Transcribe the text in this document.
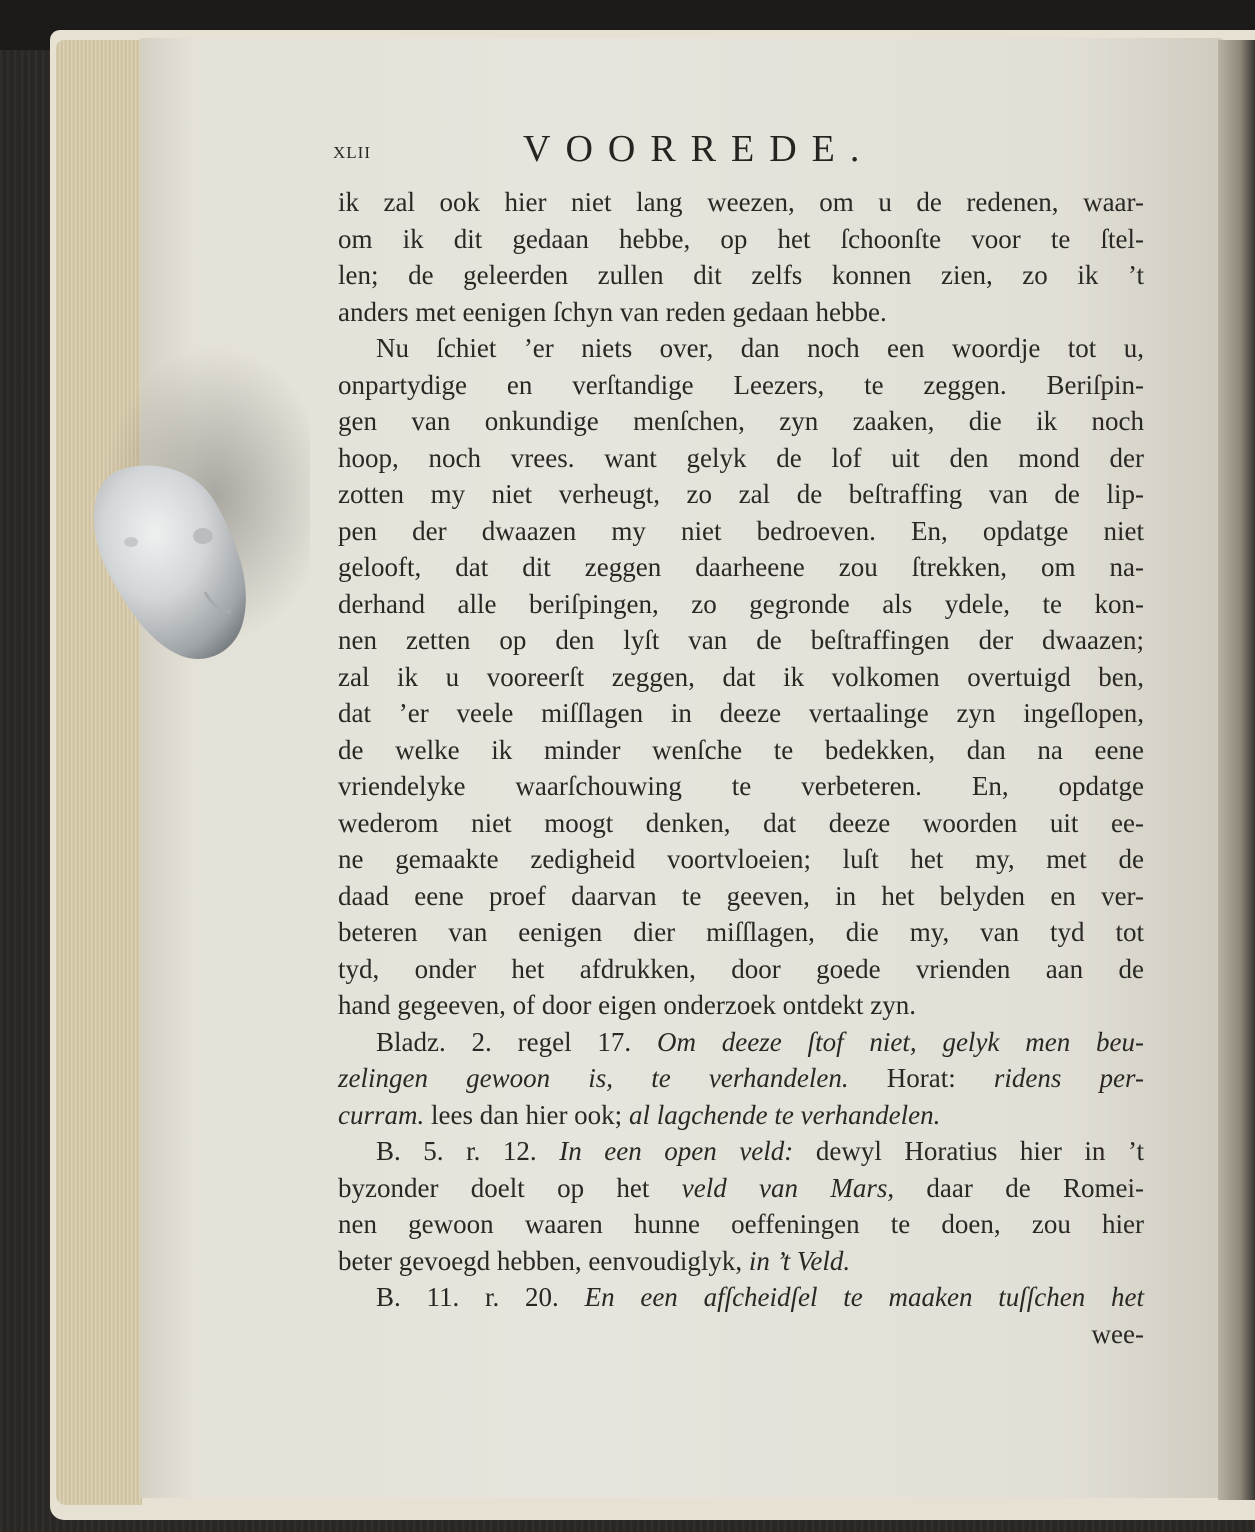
XLII	VOORREDE.
ik zal ook hier niet lang weezen, om u de redenen, waar-
om ik dit gedaan hebbe, op het ſchoonſte voor te ſtel-
len; de geleerden zullen dit zelfs konnen zien, zo ik ’t
anders met eenigen ſchyn van reden gedaan hebbe.
Nu ſchiet ’er niets over, dan noch een woordje tot u,
onpartydige en verſtandige Leezers, te zeggen. Beriſpin-
gen van onkundige menſchen, zyn zaaken, die ik noch
hoop, noch vrees. want gelyk de lof uit den mond der
zotten my niet verheugt, zo zal de beſtraffing van de lip-
pen der dwaazen my niet bedroeven. En, opdatge niet
gelooft, dat dit zeggen daarheene zou ſtrekken, om na-
derhand alle beriſpingen, zo gegronde als ydele, te kon-
nen zetten op den lyſt van de beſtraffingen der dwaazen;
zal ik u vooreerſt zeggen, dat ik volkomen overtuigd ben,
dat ’er veele miſſlagen in deeze vertaalinge zyn ingeſlopen,
de welke ik minder wenſche te bedekken, dan na eene
vriendelyke waarſchouwing te verbeteren. En, opdatge
wederom niet moogt denken, dat deeze woorden uit ee-
ne gemaakte zedigheid voortvloeien; luſt het my, met de
daad eene proef daarvan te geeven, in het belyden en ver-
beteren van eenigen dier miſſlagen, die my, van tyd tot
tyd, onder het afdrukken, door goede vrienden aan de
hand gegeeven, of door eigen onderzoek ontdekt zyn.
Bladz. 2. regel 17. Om deeze ſtof niet, gelyk men beu-
zelingen gewoon is, te verhandelen. Horat: ridens per-
curram. lees dan hier ook; al lagchende te verhandelen.
B. 5. r. 12. In een open veld: dewyl Horatius hier in ’t
byzonder doelt op het veld van Mars, daar de Romei-
nen gewoon waaren hunne oeffeningen te doen, zou hier
beter gevoegd hebben, eenvoudiglyk, in ’t Veld.
B. 11. r. 20. En een afſcheidſel te maaken tuſſchen het
wee-
